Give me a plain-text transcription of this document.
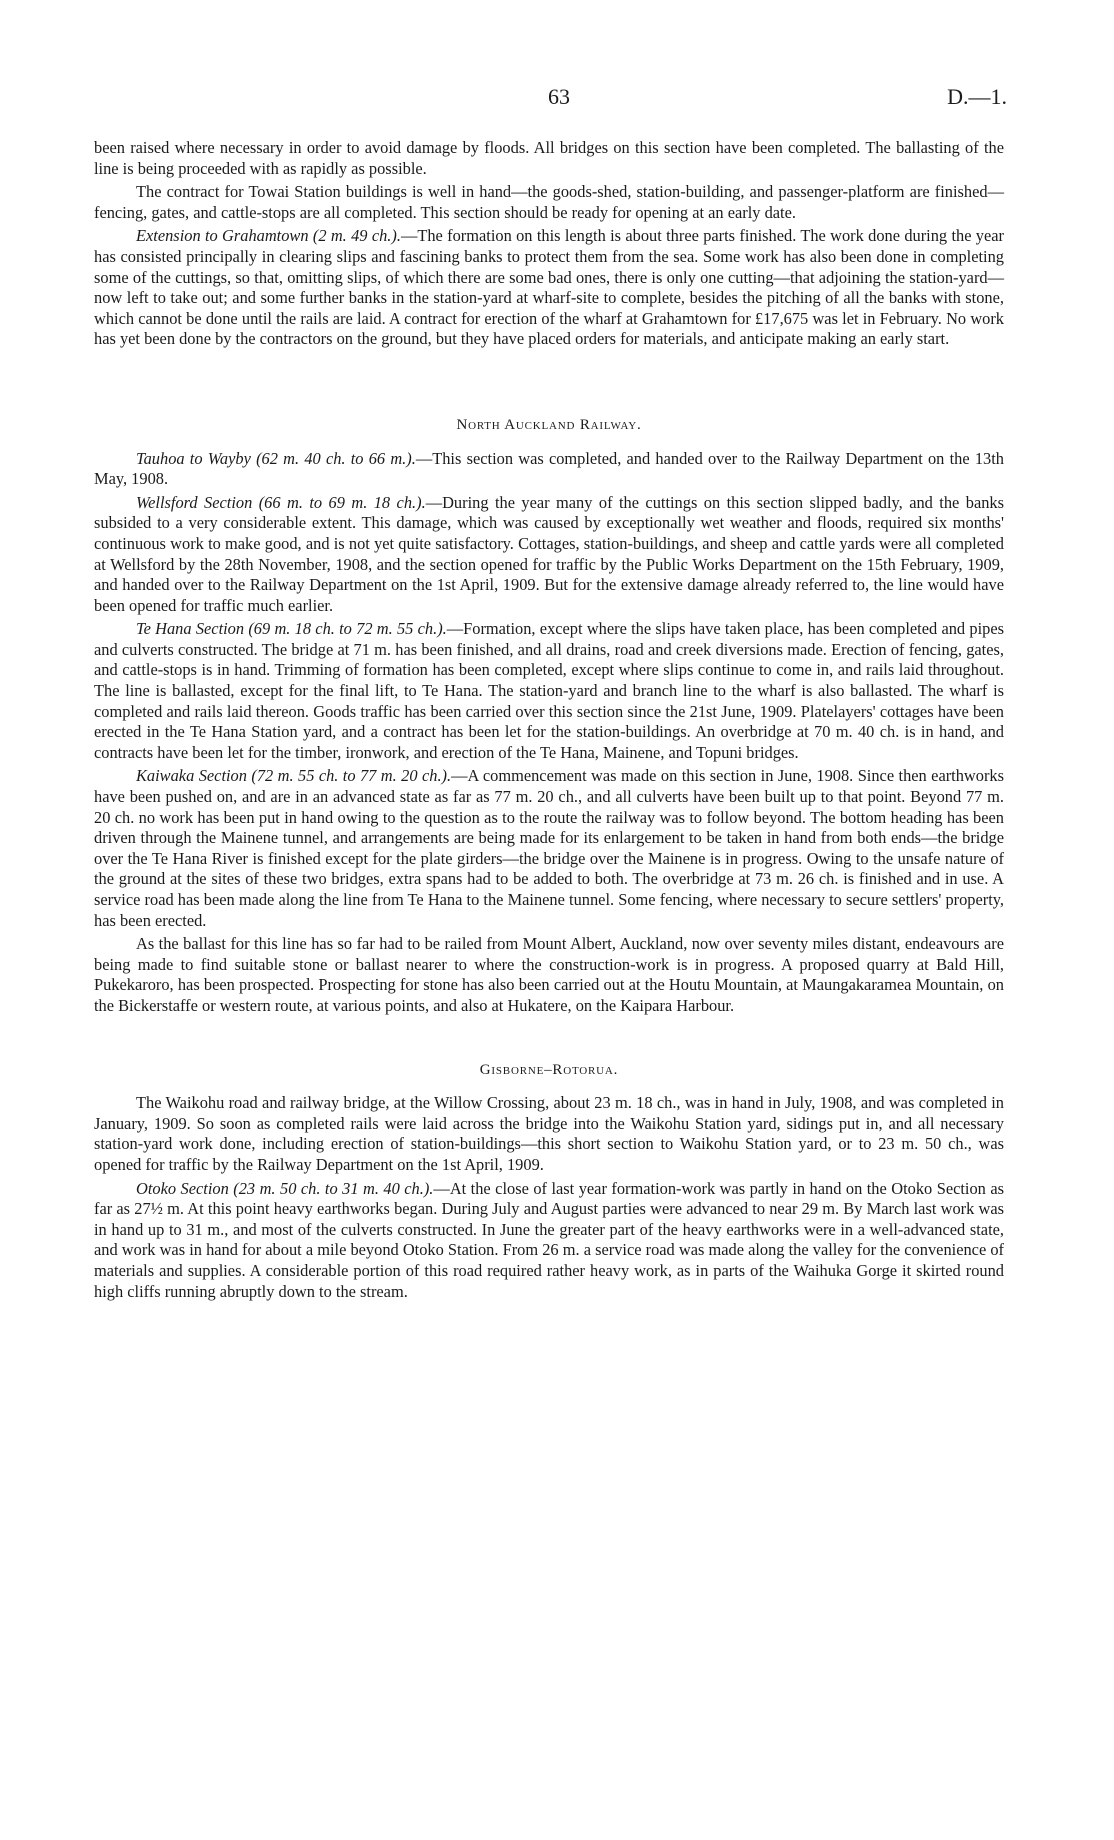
63	D.—1.

been raised where necessary in order to avoid damage by floods. All bridges on this section have been completed. The ballasting of the line is being proceeded with as rapidly as possible.

The contract for Towai Station buildings is well in hand—the goods-shed, station-building, and passenger-platform are finished—fencing, gates, and cattle-stops are all completed. This section should be ready for opening at an early date.

Extension to Grahamtown (2 m. 49 ch.).—The formation on this length is about three parts finished. The work done during the year has consisted principally in clearing slips and fascining banks to protect them from the sea. Some work has also been done in completing some of the cuttings, so that, omitting slips, of which there are some bad ones, there is only one cutting—that adjoining the station-yard—now left to take out; and some further banks in the station-yard at wharf-site to complete, besides the pitching of all the banks with stone, which cannot be done until the rails are laid. A contract for erection of the wharf at Grahamtown for £17,675 was let in February. No work has yet been done by the contractors on the ground, but they have placed orders for materials, and anticipate making an early start.

North Auckland Railway.

Tauhoa to Wayby (62 m. 40 ch. to 66 m.).—This section was completed, and handed over to the Railway Department on the 13th May, 1908.

Wellsford Section (66 m. to 69 m. 18 ch.).—During the year many of the cuttings on this section slipped badly, and the banks subsided to a very considerable extent. This damage, which was caused by exceptionally wet weather and floods, required six months' continuous work to make good, and is not yet quite satisfactory. Cottages, station-buildings, and sheep and cattle yards were all completed at Wellsford by the 28th November, 1908, and the section opened for traffic by the Public Works Department on the 15th February, 1909, and handed over to the Railway Department on the 1st April, 1909. But for the extensive damage already referred to, the line would have been opened for traffic much earlier.

Te Hana Section (69 m. 18 ch. to 72 m. 55 ch.).—Formation, except where the slips have taken place, has been completed and pipes and culverts constructed. The bridge at 71 m. has been finished, and all drains, road and creek diversions made. Erection of fencing, gates, and cattle-stops is in hand. Trimming of formation has been completed, except where slips continue to come in, and rails laid throughout. The line is ballasted, except for the final lift, to Te Hana. The station-yard and branch line to the wharf is also ballasted. The wharf is completed and rails laid thereon. Goods traffic has been carried over this section since the 21st June, 1909. Platelayers' cottages have been erected in the Te Hana Station yard, and a contract has been let for the station-buildings. An overbridge at 70 m. 40 ch. is in hand, and contracts have been let for the timber, ironwork, and erection of the Te Hana, Mainene, and Topuni bridges.

Kaiwaka Section (72 m. 55 ch. to 77 m. 20 ch.).—A commencement was made on this section in June, 1908. Since then earthworks have been pushed on, and are in an advanced state as far as 77 m. 20 ch., and all culverts have been built up to that point. Beyond 77 m. 20 ch. no work has been put in hand owing to the question as to the route the railway was to follow beyond. The bottom heading has been driven through the Mainene tunnel, and arrangements are being made for its enlargement to be taken in hand from both ends—the bridge over the Te Hana River is finished except for the plate girders—the bridge over the Mainene is in progress. Owing to the unsafe nature of the ground at the sites of these two bridges, extra spans had to be added to both. The overbridge at 73 m. 26 ch. is finished and in use. A service road has been made along the line from Te Hana to the Mainene tunnel. Some fencing, where necessary to secure settlers' property, has been erected.

As the ballast for this line has so far had to be railed from Mount Albert, Auckland, now over seventy miles distant, endeavours are being made to find suitable stone or ballast nearer to where the construction-work is in progress. A proposed quarry at Bald Hill, Pukekaroro, has been prospected. Prospecting for stone has also been carried out at the Houtu Mountain, at Maungakaramea Mountain, on the Bickerstaffe or western route, at various points, and also at Hukatere, on the Kaipara Harbour.

Gisborne–Rotorua.

The Waikohu road and railway bridge, at the Willow Crossing, about 23 m. 18 ch., was in hand in July, 1908, and was completed in January, 1909. So soon as completed rails were laid across the bridge into the Waikohu Station yard, sidings put in, and all necessary station-yard work done, including erection of station-buildings—this short section to Waikohu Station yard, or to 23 m. 50 ch., was opened for traffic by the Railway Department on the 1st April, 1909.

Otoko Section (23 m. 50 ch. to 31 m. 40 ch.).—At the close of last year formation-work was partly in hand on the Otoko Section as far as 27½ m. At this point heavy earthworks began. During July and August parties were advanced to near 29 m. By March last work was in hand up to 31 m., and most of the culverts constructed. In June the greater part of the heavy earthworks were in a well-advanced state, and work was in hand for about a mile beyond Otoko Station. From 26 m. a service road was made along the valley for the convenience of materials and supplies. A considerable portion of this road required rather heavy work, as in parts of the Waihuka Gorge it skirted round high cliffs running abruptly down to the stream.
